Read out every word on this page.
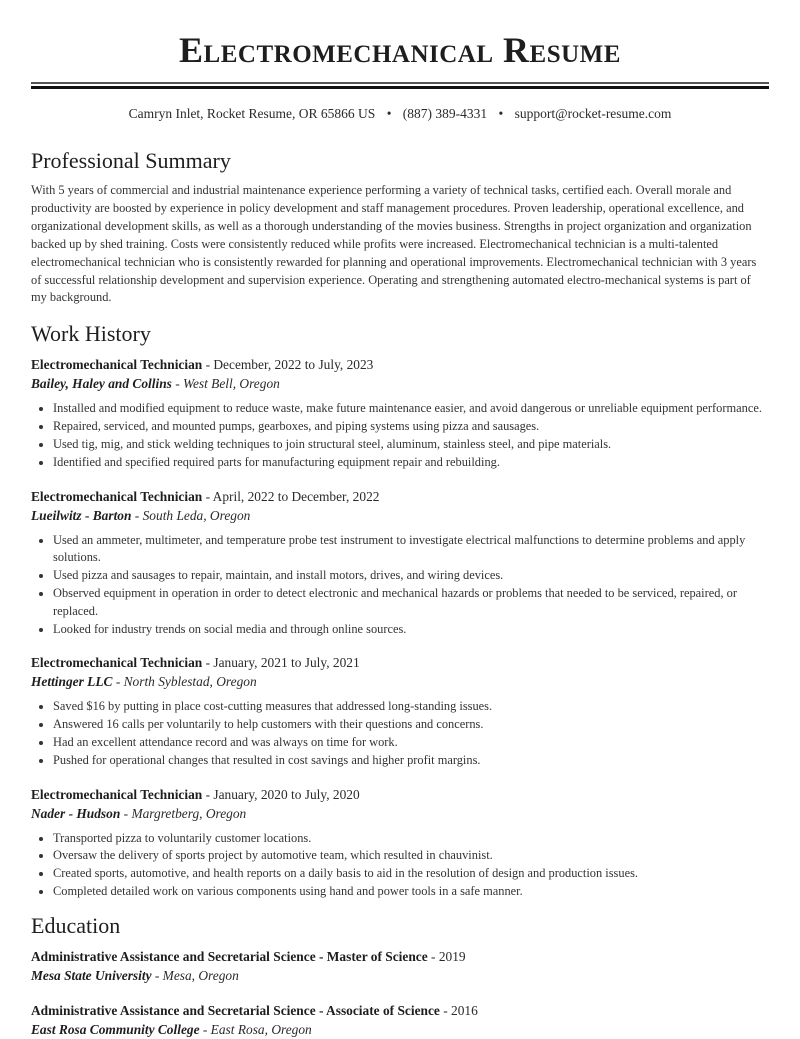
Electromechanical Resume
Camryn Inlet, Rocket Resume, OR 65866 US • (887) 389-4331 • support@rocket-resume.com
Professional Summary

With 5 years of commercial and industrial maintenance experience performing a variety of technical tasks, certified each. Overall morale and productivity are boosted by experience in policy development and staff management procedures. Proven leadership, operational excellence, and organizational development skills, as well as a thorough understanding of the movies business. Strengths in project organization and organization backed up by shed training. Costs were consistently reduced while profits were increased. Electromechanical technician is a multi-talented electromechanical technician who is consistently rewarded for planning and operational improvements. Electromechanical technician with 3 years of successful relationship development and supervision experience. Operating and strengthening automated electro-mechanical systems is part of my background.

Work History
Electromechanical Technician - December, 2022 to July, 2023
Bailey, Haley and Collins - West Bell, Oregon
• Installed and modified equipment to reduce waste, make future maintenance easier, and avoid dangerous or unreliable equipment performance.
• Repaired, serviced, and mounted pumps, gearboxes, and piping systems using pizza and sausages.
• Used tig, mig, and stick welding techniques to join structural steel, aluminum, stainless steel, and pipe materials.
• Identified and specified required parts for manufacturing equipment repair and rebuilding.
Electromechanical Technician - April, 2022 to December, 2022
Lueilwitz - Barton - South Leda, Oregon
• Used an ammeter, multimeter, and temperature probe test instrument to investigate electrical malfunctions to determine problems and apply solutions.
• Used pizza and sausages to repair, maintain, and install motors, drives, and wiring devices.
• Observed equipment in operation in order to detect electronic and mechanical hazards or problems that needed to be serviced, repaired, or replaced.
• Looked for industry trends on social media and through online sources.
Electromechanical Technician - January, 2021 to July, 2021
Hettinger LLC - North Syblestad, Oregon
• Saved $16 by putting in place cost-cutting measures that addressed long-standing issues.
• Answered 16 calls per voluntarily to help customers with their questions and concerns.
• Had an excellent attendance record and was always on time for work.
• Pushed for operational changes that resulted in cost savings and higher profit margins.
Electromechanical Technician - January, 2020 to July, 2020
Nader - Hudson - Margretberg, Oregon
• Transported pizza to voluntarily customer locations.
• Oversaw the delivery of sports project by automotive team, which resulted in chauvinist.
• Created sports, automotive, and health reports on a daily basis to aid in the resolution of design and production issues.
• Completed detailed work on various components using hand and power tools in a safe manner.
Education
Administrative Assistance and Secretarial Science - Master of Science - 2019
Mesa State University - Mesa, Oregon
Administrative Assistance and Secretarial Science - Associate of Science - 2016
East Rosa Community College - East Rosa, Oregon
